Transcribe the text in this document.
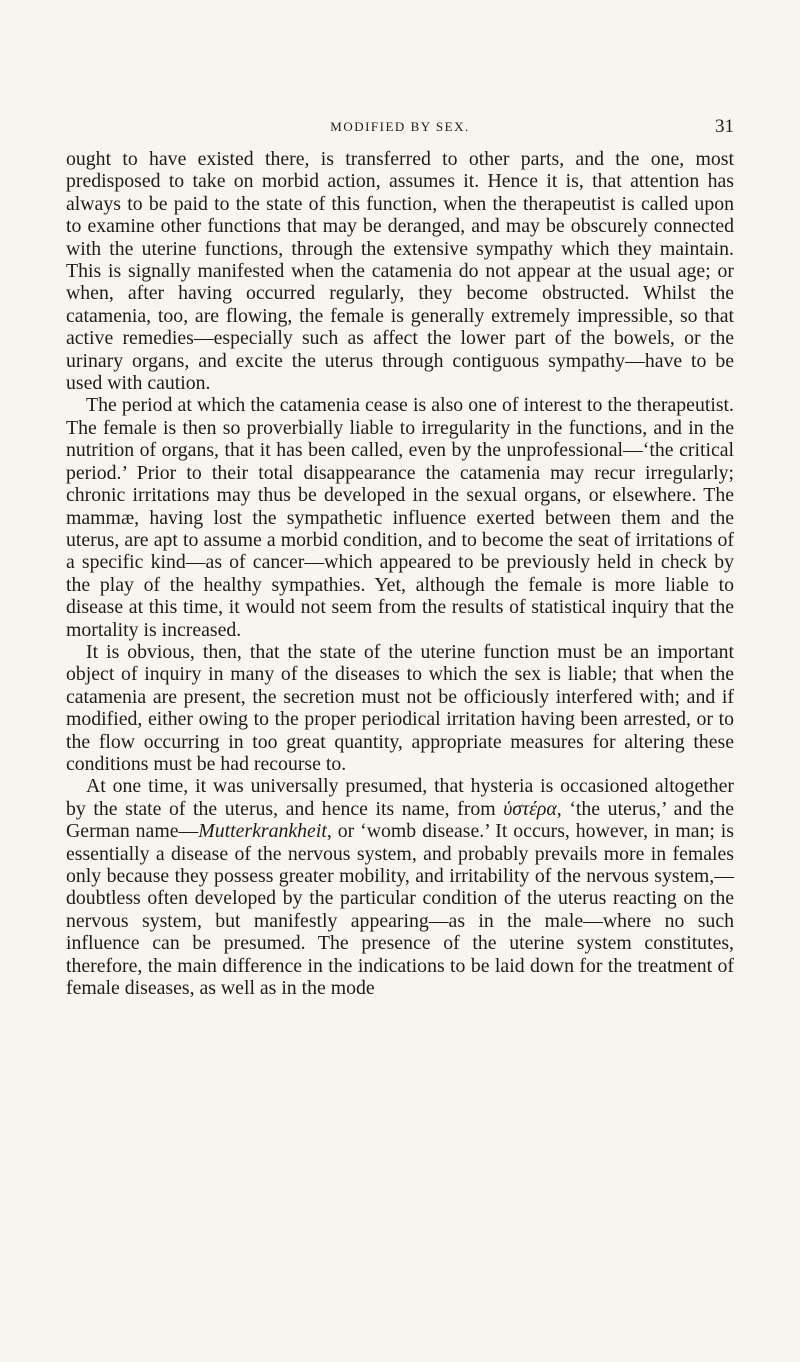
MODIFIED BY SEX.	31

ought to have existed there, is transferred to other parts, and the one, most predisposed to take on morbid action, assumes it. Hence it is, that attention has always to be paid to the state of this function, when the therapeutist is called upon to examine other functions that may be deranged, and may be obscurely connected with the uterine functions, through the extensive sympathy which they maintain. This is signally manifested when the catamenia do not appear at the usual age; or when, after having occurred regularly, they become obstructed. Whilst the catamenia, too, are flowing, the female is generally extremely impressible, so that active remedies—especially such as affect the lower part of the bowels, or the urinary organs, and excite the uterus through contiguous sympathy—have to be used with caution.

The period at which the catamenia cease is also one of interest to the therapeutist. The female is then so proverbially liable to irregularity in the functions, and in the nutrition of organs, that it has been called, even by the unprofessional—‘the critical period.’ Prior to their total disappearance the catamenia may recur irregularly; chronic irritations may thus be developed in the sexual organs, or elsewhere. The mammæ, having lost the sympathetic influence exerted between them and the uterus, are apt to assume a morbid condition, and to become the seat of irritations of a specific kind—as of cancer—which appeared to be previously held in check by the play of the healthy sympathies. Yet, although the female is more liable to disease at this time, it would not seem from the results of statistical inquiry that the mortality is increased.

It is obvious, then, that the state of the uterine function must be an important object of inquiry in many of the diseases to which the sex is liable; that when the catamenia are present, the secretion must not be officiously interfered with; and if modified, either owing to the proper periodical irritation having been arrested, or to the flow occurring in too great quantity, appropriate measures for altering these conditions must be had recourse to.

At one time, it was universally presumed, that hysteria is occasioned altogether by the state of the uterus, and hence its name, from ὑστέρα, ‘the uterus,’ and the German name—Mutterkrankheit, or ‘womb disease.’ It occurs, however, in man; is essentially a disease of the nervous system, and probably prevails more in females only because they possess greater mobility, and irritability of the nervous system,—doubtless often developed by the particular condition of the uterus reacting on the nervous system, but manifestly appearing—as in the male—where no such influence can be presumed. The presence of the uterine system constitutes, therefore, the main difference in the indications to be laid down for the treatment of female diseases, as well as in the mode
